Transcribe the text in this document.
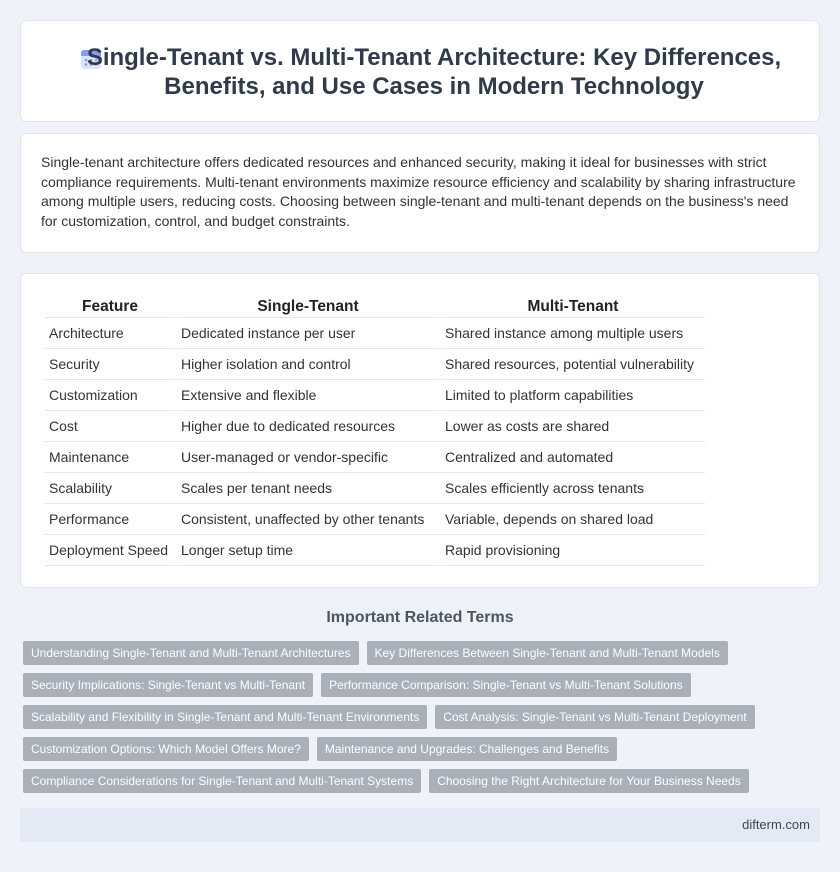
Single-Tenant vs. Multi-Tenant Architecture: Key Differences, Benefits, and Use Cases in Modern Technology

Single-tenant architecture offers dedicated resources and enhanced security, making it ideal for businesses with strict compliance requirements. Multi-tenant environments maximize resource efficiency and scalability by sharing infrastructure among multiple users, reducing costs. Choosing between single-tenant and multi-tenant depends on the business's need for customization, control, and budget constraints.

Feature	Single-Tenant	Multi-Tenant
Architecture	Dedicated instance per user	Shared instance among multiple users
Security	Higher isolation and control	Shared resources, potential vulnerability
Customization	Extensive and flexible	Limited to platform capabilities
Cost	Higher due to dedicated resources	Lower as costs are shared
Maintenance	User-managed or vendor-specific	Centralized and automated
Scalability	Scales per tenant needs	Scales efficiently across tenants
Performance	Consistent, unaffected by other tenants	Variable, depends on shared load
Deployment Speed	Longer setup time	Rapid provisioning
Important Related Terms
Understanding Single-Tenant and Multi-Tenant Architectures	Key Differences Between Single-Tenant and Multi-Tenant Models
Security Implications: Single-Tenant vs Multi-Tenant	Performance Comparison: Single-Tenant vs Multi-Tenant Solutions
Scalability and Flexibility in Single-Tenant and Multi-Tenant Environments	Cost Analysis: Single-Tenant vs Multi-Tenant Deployment
Customization Options: Which Model Offers More?	Maintenance and Upgrades: Challenges and Benefits
Compliance Considerations for Single-Tenant and Multi-Tenant Systems	Choosing the Right Architecture for Your Business Needs
difterm.com
